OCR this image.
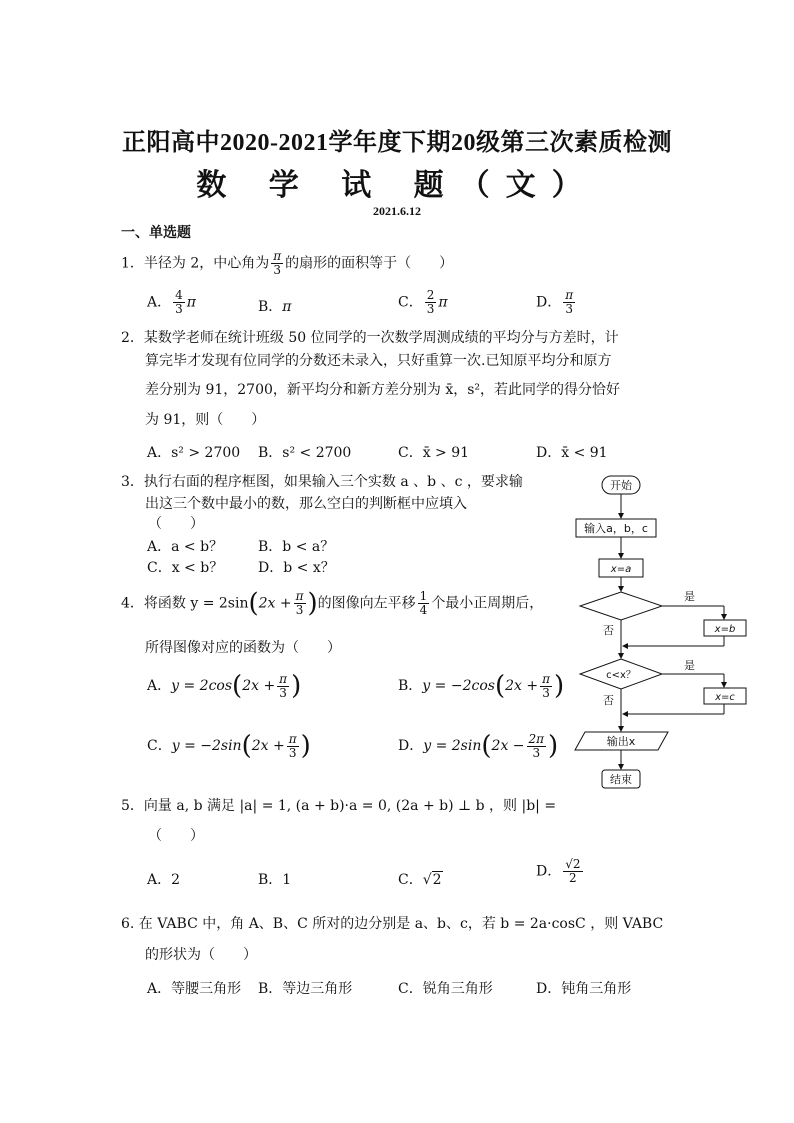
正阳高中2020-2021学年度下期20级第三次素质检测
数 学 试 题（文）
2021.6.12
一、单选题
1．半径为 2，中心角为 $\frac{\pi}{3}$ 的扇形的面积等于（　　）
A． $\frac{4}{3}$ π	B．π	C． $\frac{2}{3}$ π	D． $\frac{\pi}{3}$
2．某数学老师在统计班级 50 位同学的一次数学周测成绩的平均分与方差时，计
算完毕才发现有位同学的分数还未录入，只好重算一次.已知原平均分和原方
差分别为 91，2700，新平均分和新方差分别为 x̄，s²，若此同学的得分恰好
为 91，则（　　）
A．s² > 2700 B．s² < 2700	C．x̄ > 91	D．x̄ < 91
3．执行右面的程序框图，如果输入三个实数 a 、b 、c ，要求输
出这三个数中最小的数，那么空白的判断框中应填入
（　　）
A．a < b？ B．b < a？
C．x < b？ D．b < x？
开始
输入a，b，c
x=a
是
否	x=b
c<x？
是
否	x=c
输出x
结束
4．将函数 $y = 2\sin(2x + \frac{\pi}{3}$ )的图像向左平移 $\frac{1}{4}$ 个最小正周期后，
所得图像对应的函数为（　　）
A．$y = 2\cos(2x + \frac{\pi}{3}$ )	B．$y = -2\cos(2x + \frac{\pi}{3}$ )
C．$y = -2\sin(2x + \frac{\pi}{3}$ )	D．$y = 2\sin(2x - \frac{2\pi}{3}$ )
5．向量 a, b 满足 |a| = 1, (a + b)·a = 0, (2a + b) ⊥ b ，则 |b| =
（　　）
A．2	B．1	C．√2
D． $\frac{√2}{2}$
6. 在 VABC 中，角 A、B、C 所对的边分别是 a、b、c，若 b = 2a·cosC ，则 VABC
的形状为（　　）
A．等腰三角形 B．等边三角形	C．锐角三角形	D．钝角三角形
